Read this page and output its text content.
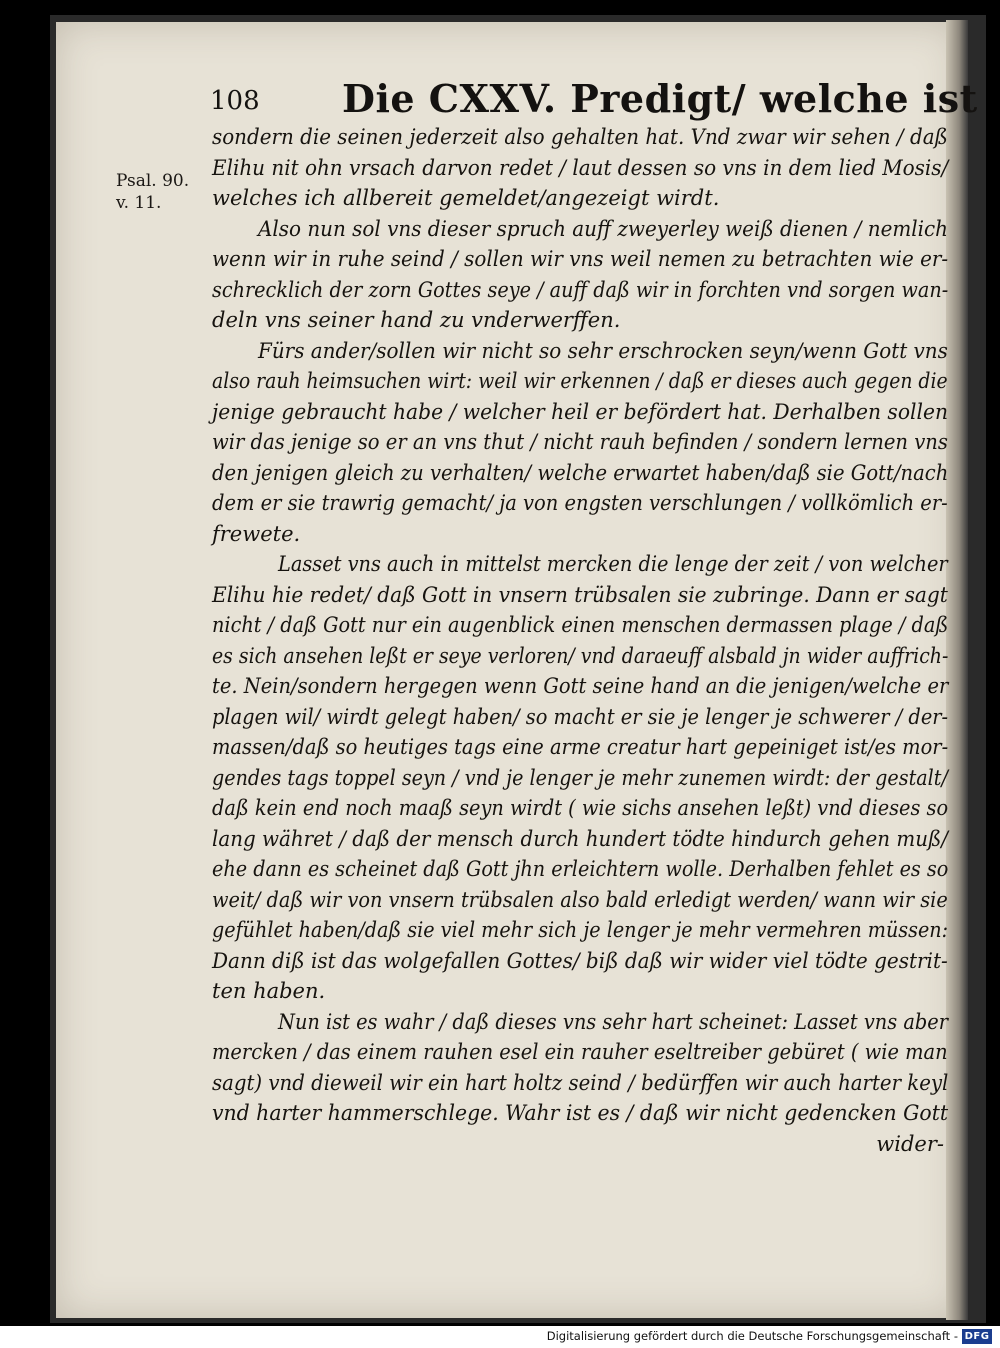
108 Die CXXV. Predigt/ welche ist
Psal. 90.
v. 11.
sondern die seinen jederzeit also gehalten hat. Vnd zwar wir sehen / daß
Elihu nit ohn vrsach darvon redet / laut dessen so vns in dem lied Mosis/
welches ich allbereit gemeldet/angezeigt wirdt.
Also nun sol vns dieser spruch auff zweyerley weiß dienen / nemlich
wenn wir in ruhe seind / sollen wir vns weil nemen zu betrachten wie er-
schrecklich der zorn Gottes seye / auff daß wir in forchten vnd sorgen wan-
deln vns seiner hand zu vnderwerffen.
Fürs ander/sollen wir nicht so sehr erschrocken seyn/wenn Gott vns
also rauh heimsuchen wirt: weil wir erkennen / daß er dieses auch gegen die
jenige gebraucht habe / welcher heil er befördert hat. Derhalben sollen
wir das jenige so er an vns thut / nicht rauh befinden / sondern lernen vns
den jenigen gleich zu verhalten/ welche erwartet haben/daß sie Gott/nach
dem er sie trawrig gemacht/ ja von engsten verschlungen / vollkömlich er-
frewete.
Lasset vns auch in mittelst mercken die lenge der zeit / von welcher
Elihu hie redet/ daß Gott in vnsern trübsalen sie zubringe. Dann er sagt
nicht / daß Gott nur ein augenblick einen menschen dermassen plage / daß
es sich ansehen leßt er seye verloren/ vnd daraeuff alsbald jn wider auffrich-
te. Nein/sondern hergegen wenn Gott seine hand an die jenigen/welche er
plagen wil/ wirdt gelegt haben/ so macht er sie je lenger je schwerer / der-
massen/daß so heutiges tags eine arme creatur hart gepeiniget ist/es mor-
gendes tags toppel seyn / vnd je lenger je mehr zunemen wirdt: der gestalt/
daß kein end noch maaß seyn wirdt ( wie sichs ansehen leßt) vnd dieses so
lang währet / daß der mensch durch hundert tödte hindurch gehen muß/
ehe dann es scheinet daß Gott jhn erleichtern wolle. Derhalben fehlet es so
weit/ daß wir von vnsern trübsalen also bald erledigt werden/ wann wir sie
gefühlet haben/daß sie viel mehr sich je lenger je mehr vermehren müssen:
Dann diß ist das wolgefallen Gottes/ biß daß wir wider viel tödte gestrit-
ten haben.
Nun ist es wahr / daß dieses vns sehr hart scheinet: Lasset vns aber
mercken / das einem rauhen esel ein rauher eseltreiber gebüret ( wie man
sagt) vnd dieweil wir ein hart holtz seind / bedürffen wir auch harter keyl
vnd harter hammerschlege. Wahr ist es / daß wir nicht gedencken Gott
wider-
Digitalisierung gefördert durch die Deutsche Forschungsgemeinschaft - DFG
